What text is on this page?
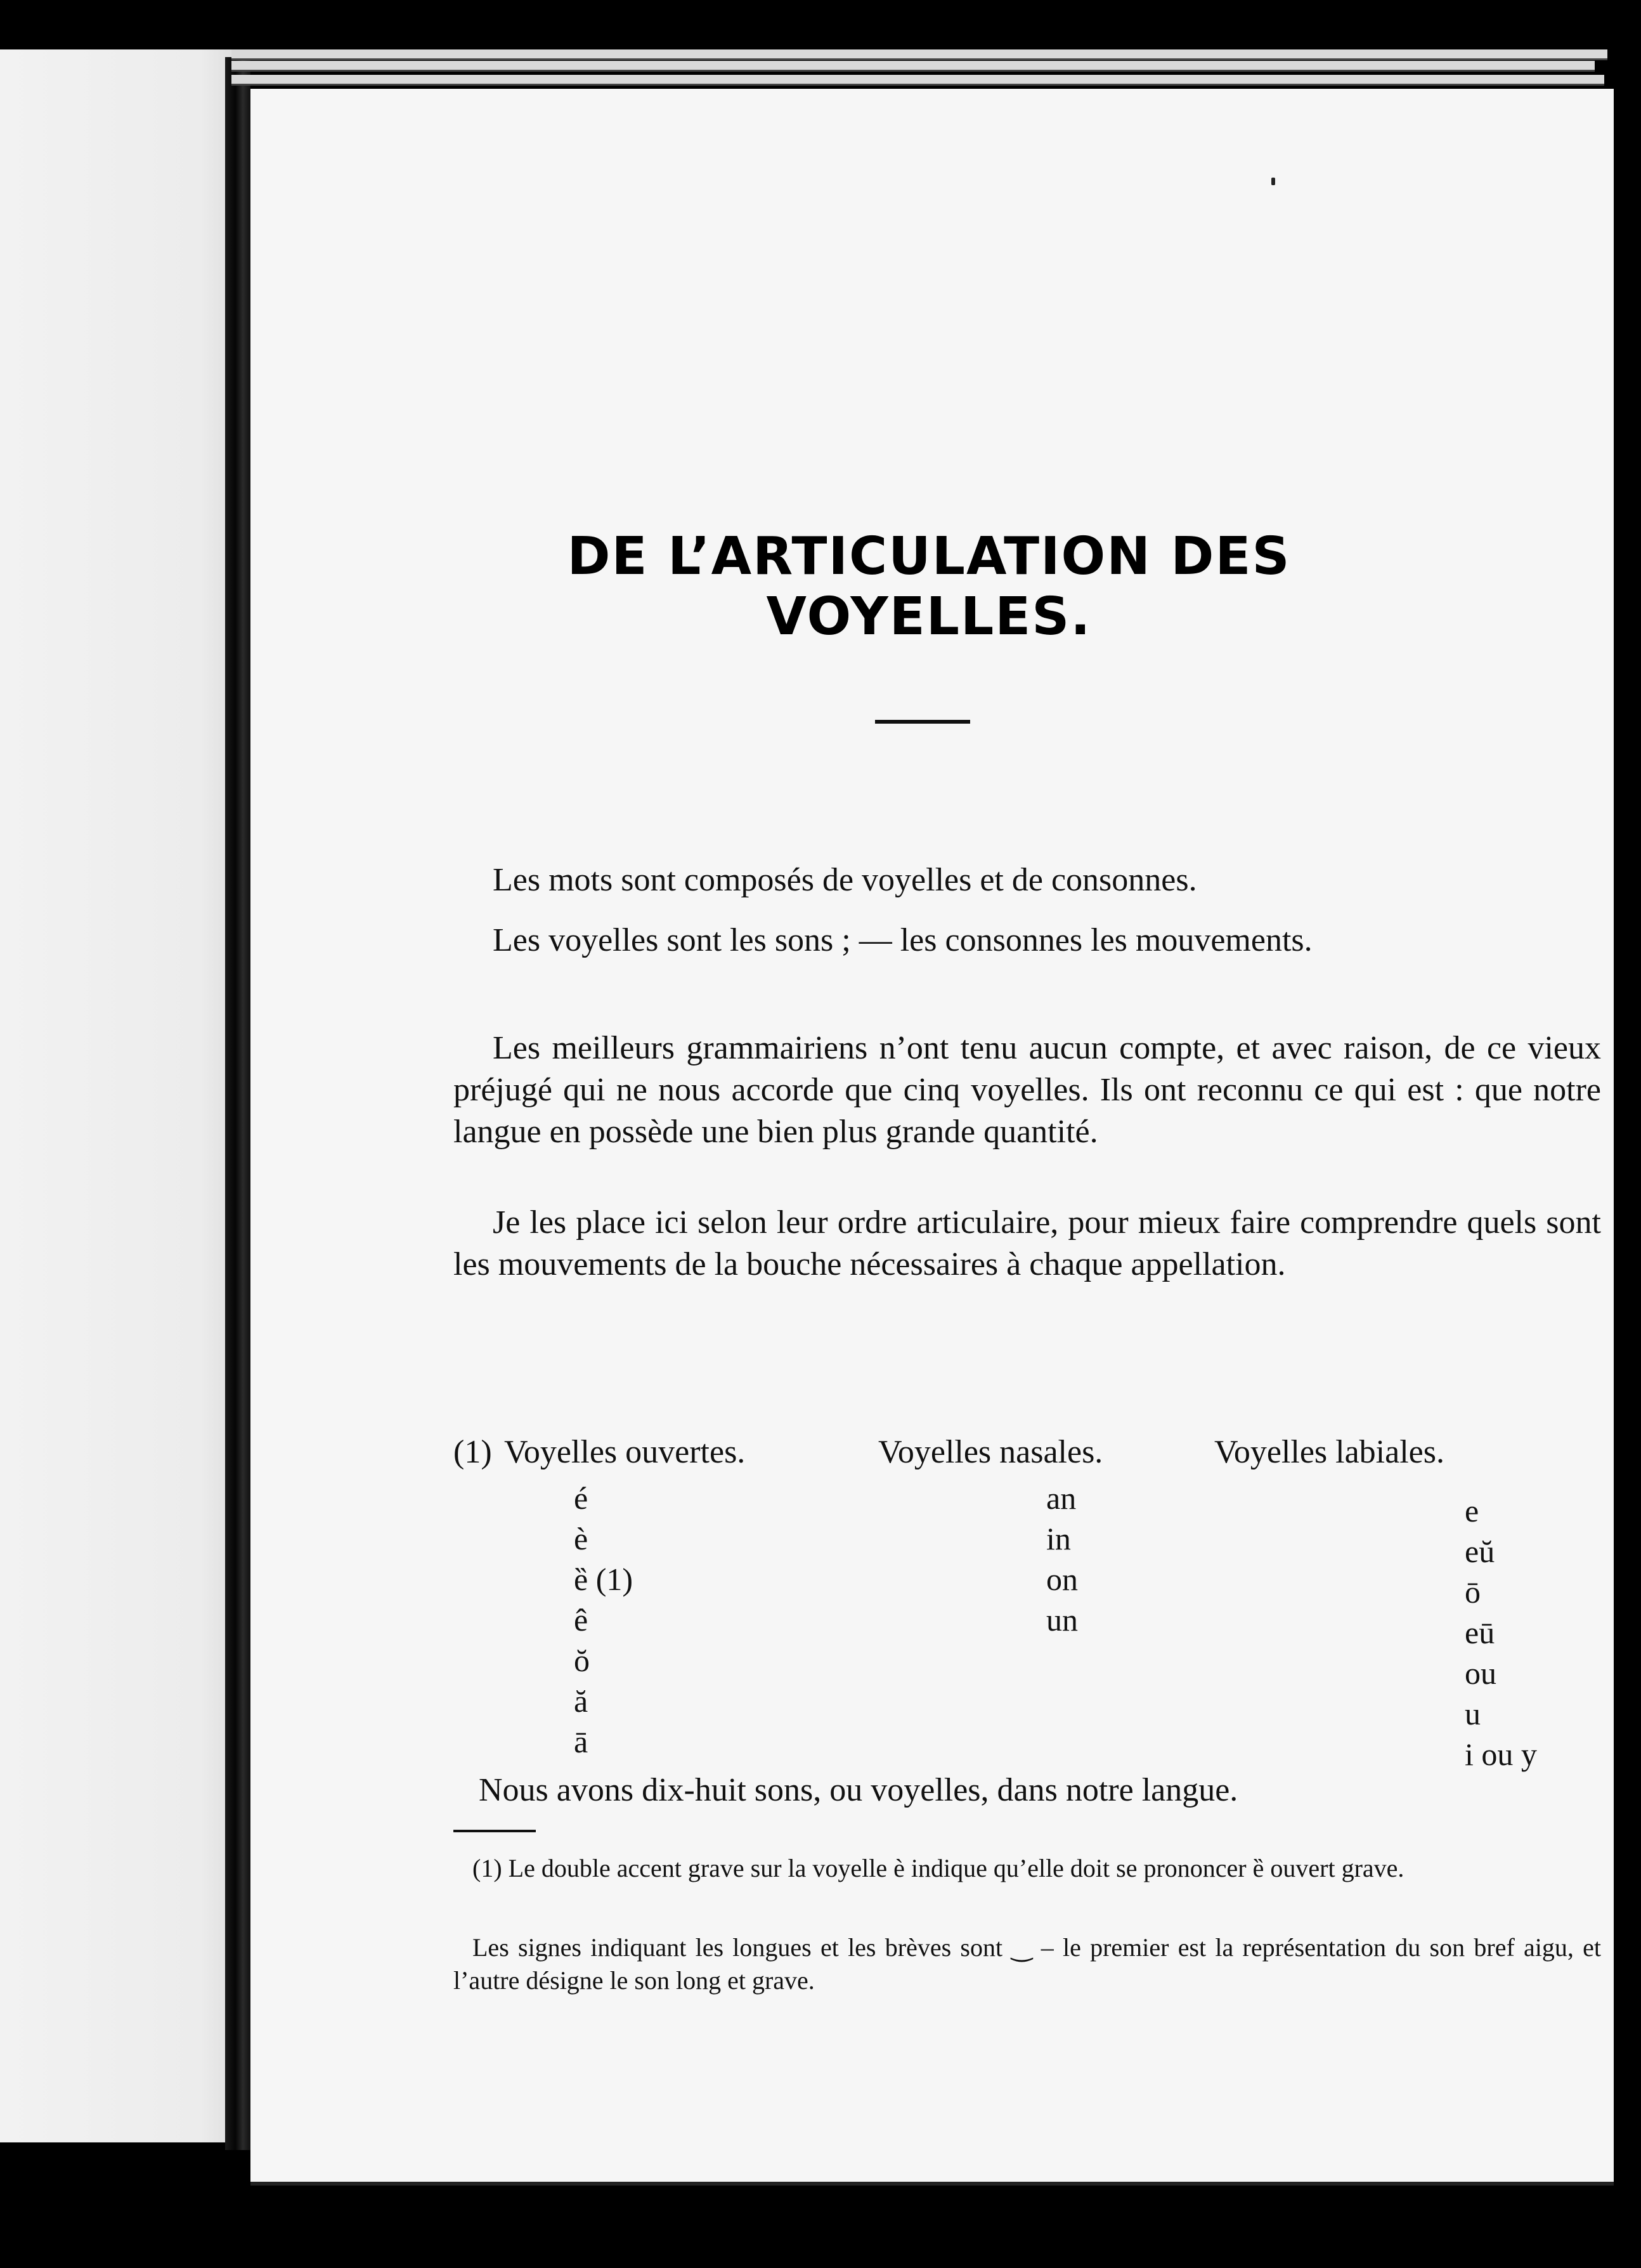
DE L’ARTICULATION DES VOYELLES.

Les mots sont composés de voyelles et de consonnes.

Les voyelles sont les sons ; — les consonnes les mouvements.

Les meilleurs grammairiens n’ont tenu aucun compte, et avec raison, de ce vieux préjugé qui ne nous accorde que cinq voyelles. Ils ont reconnu ce qui est : que notre langue en possède une bien plus grande quantité.

Je les place ici selon leur ordre articulaire, pour mieux faire comprendre quels sont les mouvements de la bouche nécessaires à chaque appellation.

(1) Voyelles ouvertes.	Voyelles nasales.	Voyelles labiales.
é
è
ȅ (1)
ê
ŏ
ă
ā
an
in
on
un
e
eŭ
ō
eū
ou
u
i ou y

Nous avons dix-huit sons, ou voyelles, dans notre langue.

(1) Le double accent grave sur la voyelle è indique qu’elle doit se prononcer ȅ ouvert grave.

Les signes indiquant les longues et les brèves sont ‿ – le premier est la représentation du son bref aigu, et l’autre désigne le son long et grave.
